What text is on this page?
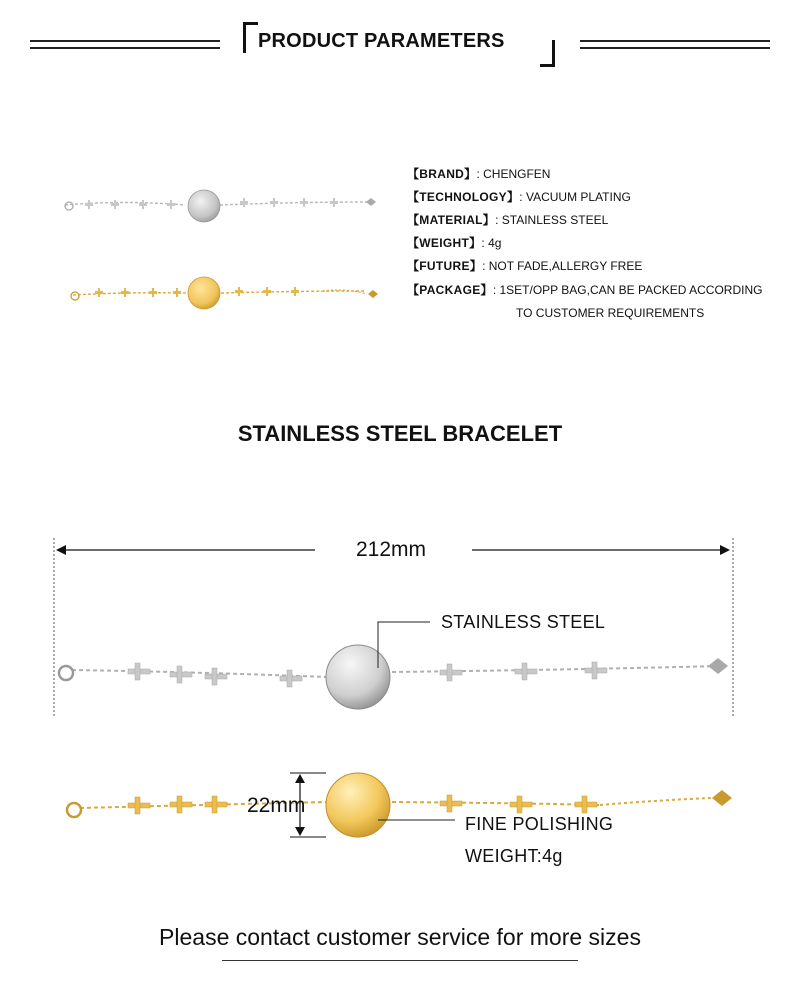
PRODUCT PARAMETERS
【BRAND】: CHENGFEN
【TECHNOLOGY】: VACUUM PLATING
【MATERIAL】: STAINLESS STEEL
【WEIGHT】: 4g
【FUTURE】: NOT FADE,ALLERGY FREE
【PACKAGE】: 1SET/OPP BAG,CAN BE PACKED ACCORDING
TO CUSTOMER REQUIREMENTS
STAINLESS STEEL BRACELET
212mm
22mm
STAINLESS STEEL
FINE POLISHING
WEIGHT:4g
Please contact customer service for more sizes
